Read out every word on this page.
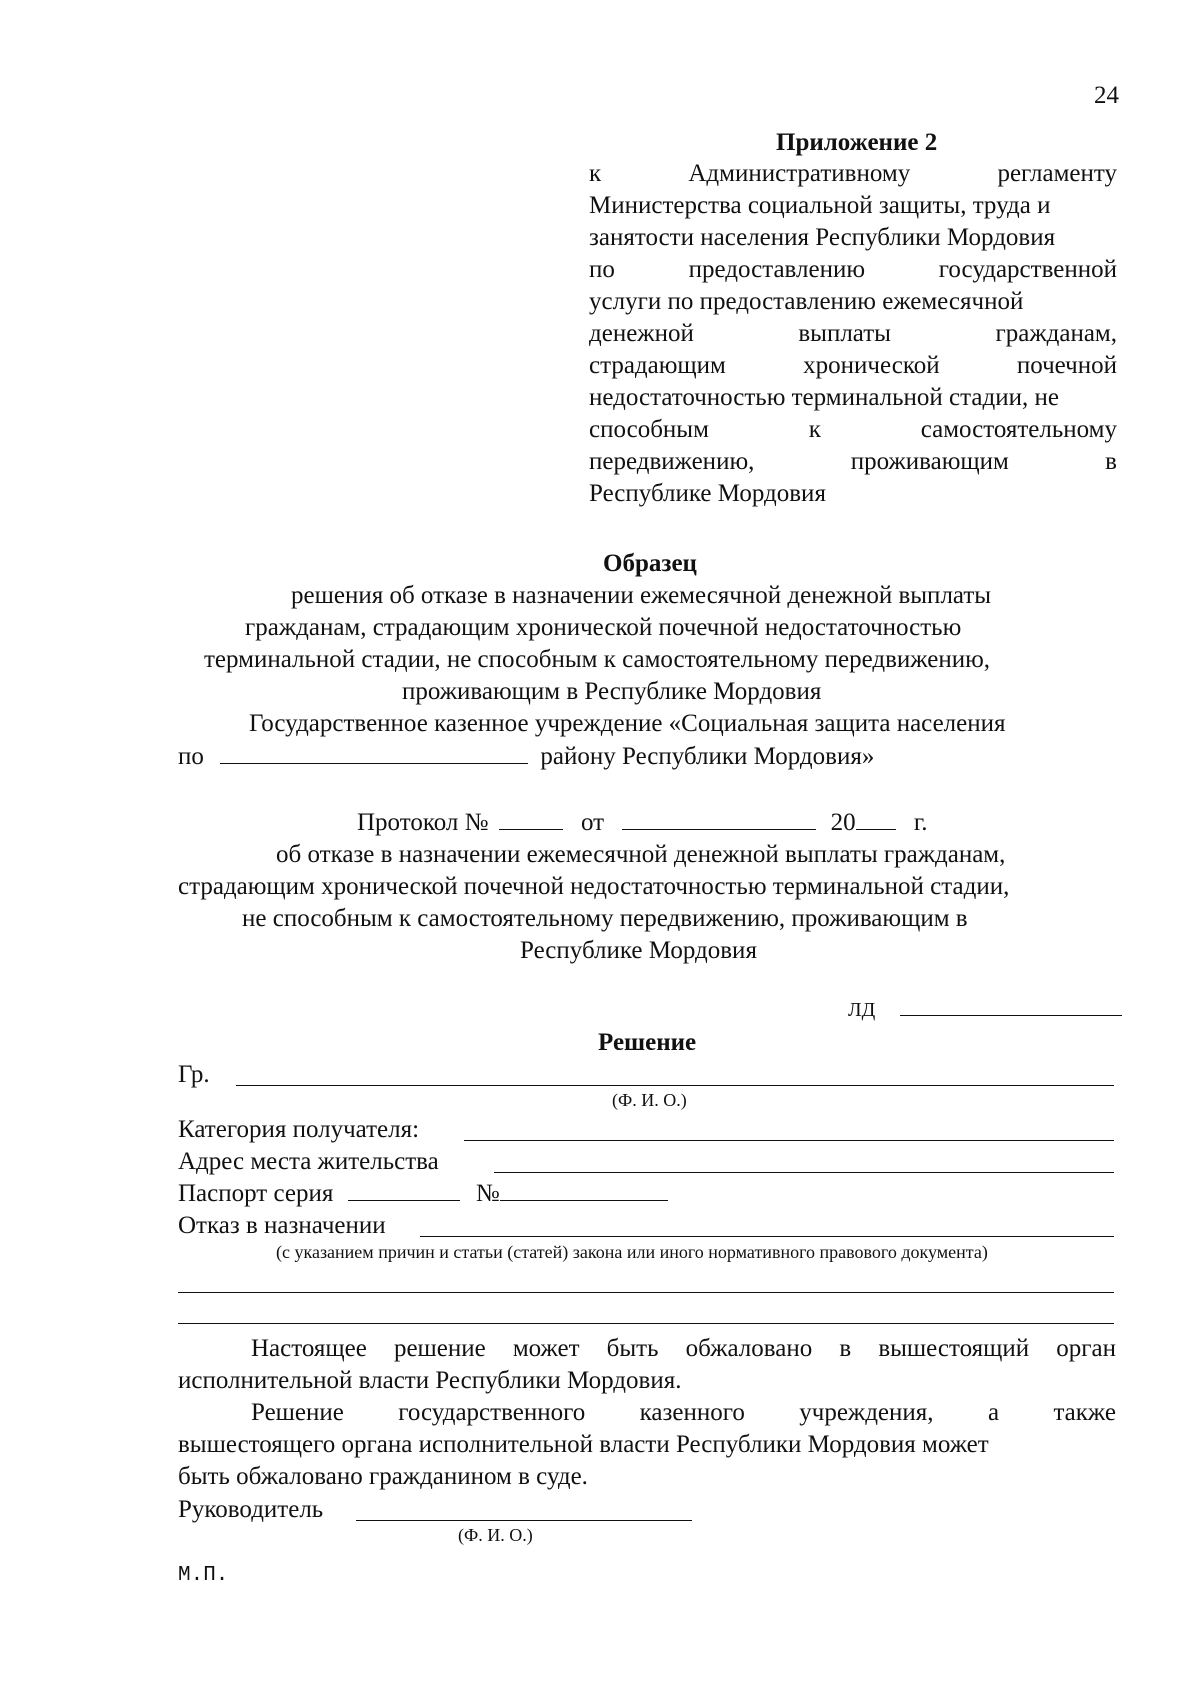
24
Приложение 2
к	Административному	регламенту
Министерства социальной защиты, труда и
занятости населения Республики Мордовия
по	предоставлению	государственной
услуги по предоставлению ежемесячной
денежной	выплаты	гражданам,
страдающим	хронической	почечной
недостаточностью терминальной стадии, не
способным	к	самостоятельному
передвижению,	проживающим	в
Республике Мордовия
Образец
решения об отказе в назначении ежемесячной денежной выплаты
гражданам, страдающим хронической почечной недостаточностью
терминальной стадии, не способным к самостоятельному передвижению,
проживающим в Республике Мордовия
Государственное казенное учреждение «Социальная защита населения
по	району Республики Мордовия»
Протокол №	от	20 г.
об отказе в назначении ежемесячной денежной выплаты гражданам,
страдающим хронической почечной недостаточностью терминальной стадии,
не способным к самостоятельному передвижению, проживающим в
Республике Мордовия
ЛД
Решение
Гр.
(Ф. И. О.)
Категория получателя:
Адрес места жительства
Паспорт серия	№
Отказ в назначении
(с указанием причин и статьи (статей) закона или иного нормативного правового документа)
Настоящее решение может быть обжаловано в вышестоящий орган
исполнительной власти Республики Мордовия.
Решение государственного казенного учреждения, а также
вышестоящего органа исполнительной власти Республики Мордовия может
быть обжаловано гражданином в суде.
Руководитель
(Ф. И. О.)
М.П.
